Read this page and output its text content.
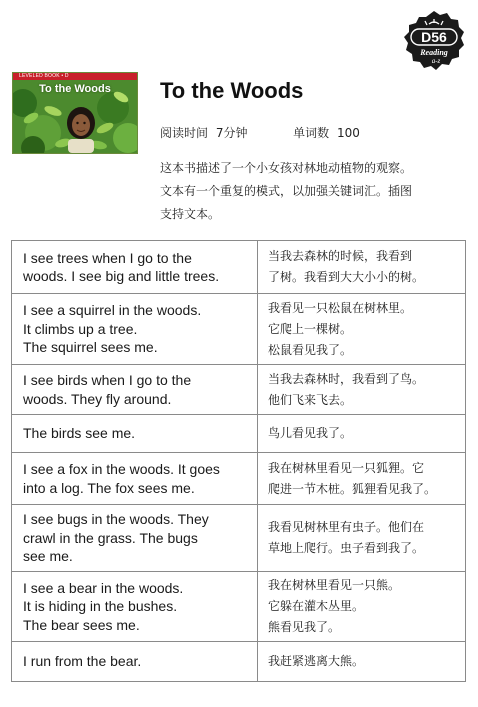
LEVELED BOOK • D
To the Woods
D56
Reading
a-z
To the Woods
阅读时间 7分钟	单词数 100
这本书描述了一个小女孩对林地动植物的观察。
文本有一个重复的模式，以加强关键词汇。插图
支持文本。
I see trees when I go to the
woods. I see big and little trees.	当我去森林的时候，我看到
了树。我看到大大小小的树。

I see a squirrel in the woods.
It climbs up a tree.
The squirrel sees me.	我看见一只松鼠在树林里。
它爬上一棵树。
松鼠看见我了。

I see birds when I go to the
woods. They fly around.	当我去森林时，我看到了鸟。
他们飞来飞去。

The birds see me.	鸟儿看见我了。

I see a fox in the woods. It goes
into a log. The fox sees me.	我在树林里看见一只狐狸。它
爬进一节木桩。狐狸看见我了。

I see bugs in the woods. They
crawl in the grass. The bugs
see me.	我看见树林里有虫子。他们在
草地上爬行。虫子看到我了。

I see a bear in the woods.
It is hiding in the bushes.
The bear sees me.	我在树林里看见一只熊。
它躲在灌木丛里。
熊看见我了。

I run from the bear.	我赶紧逃离大熊。
